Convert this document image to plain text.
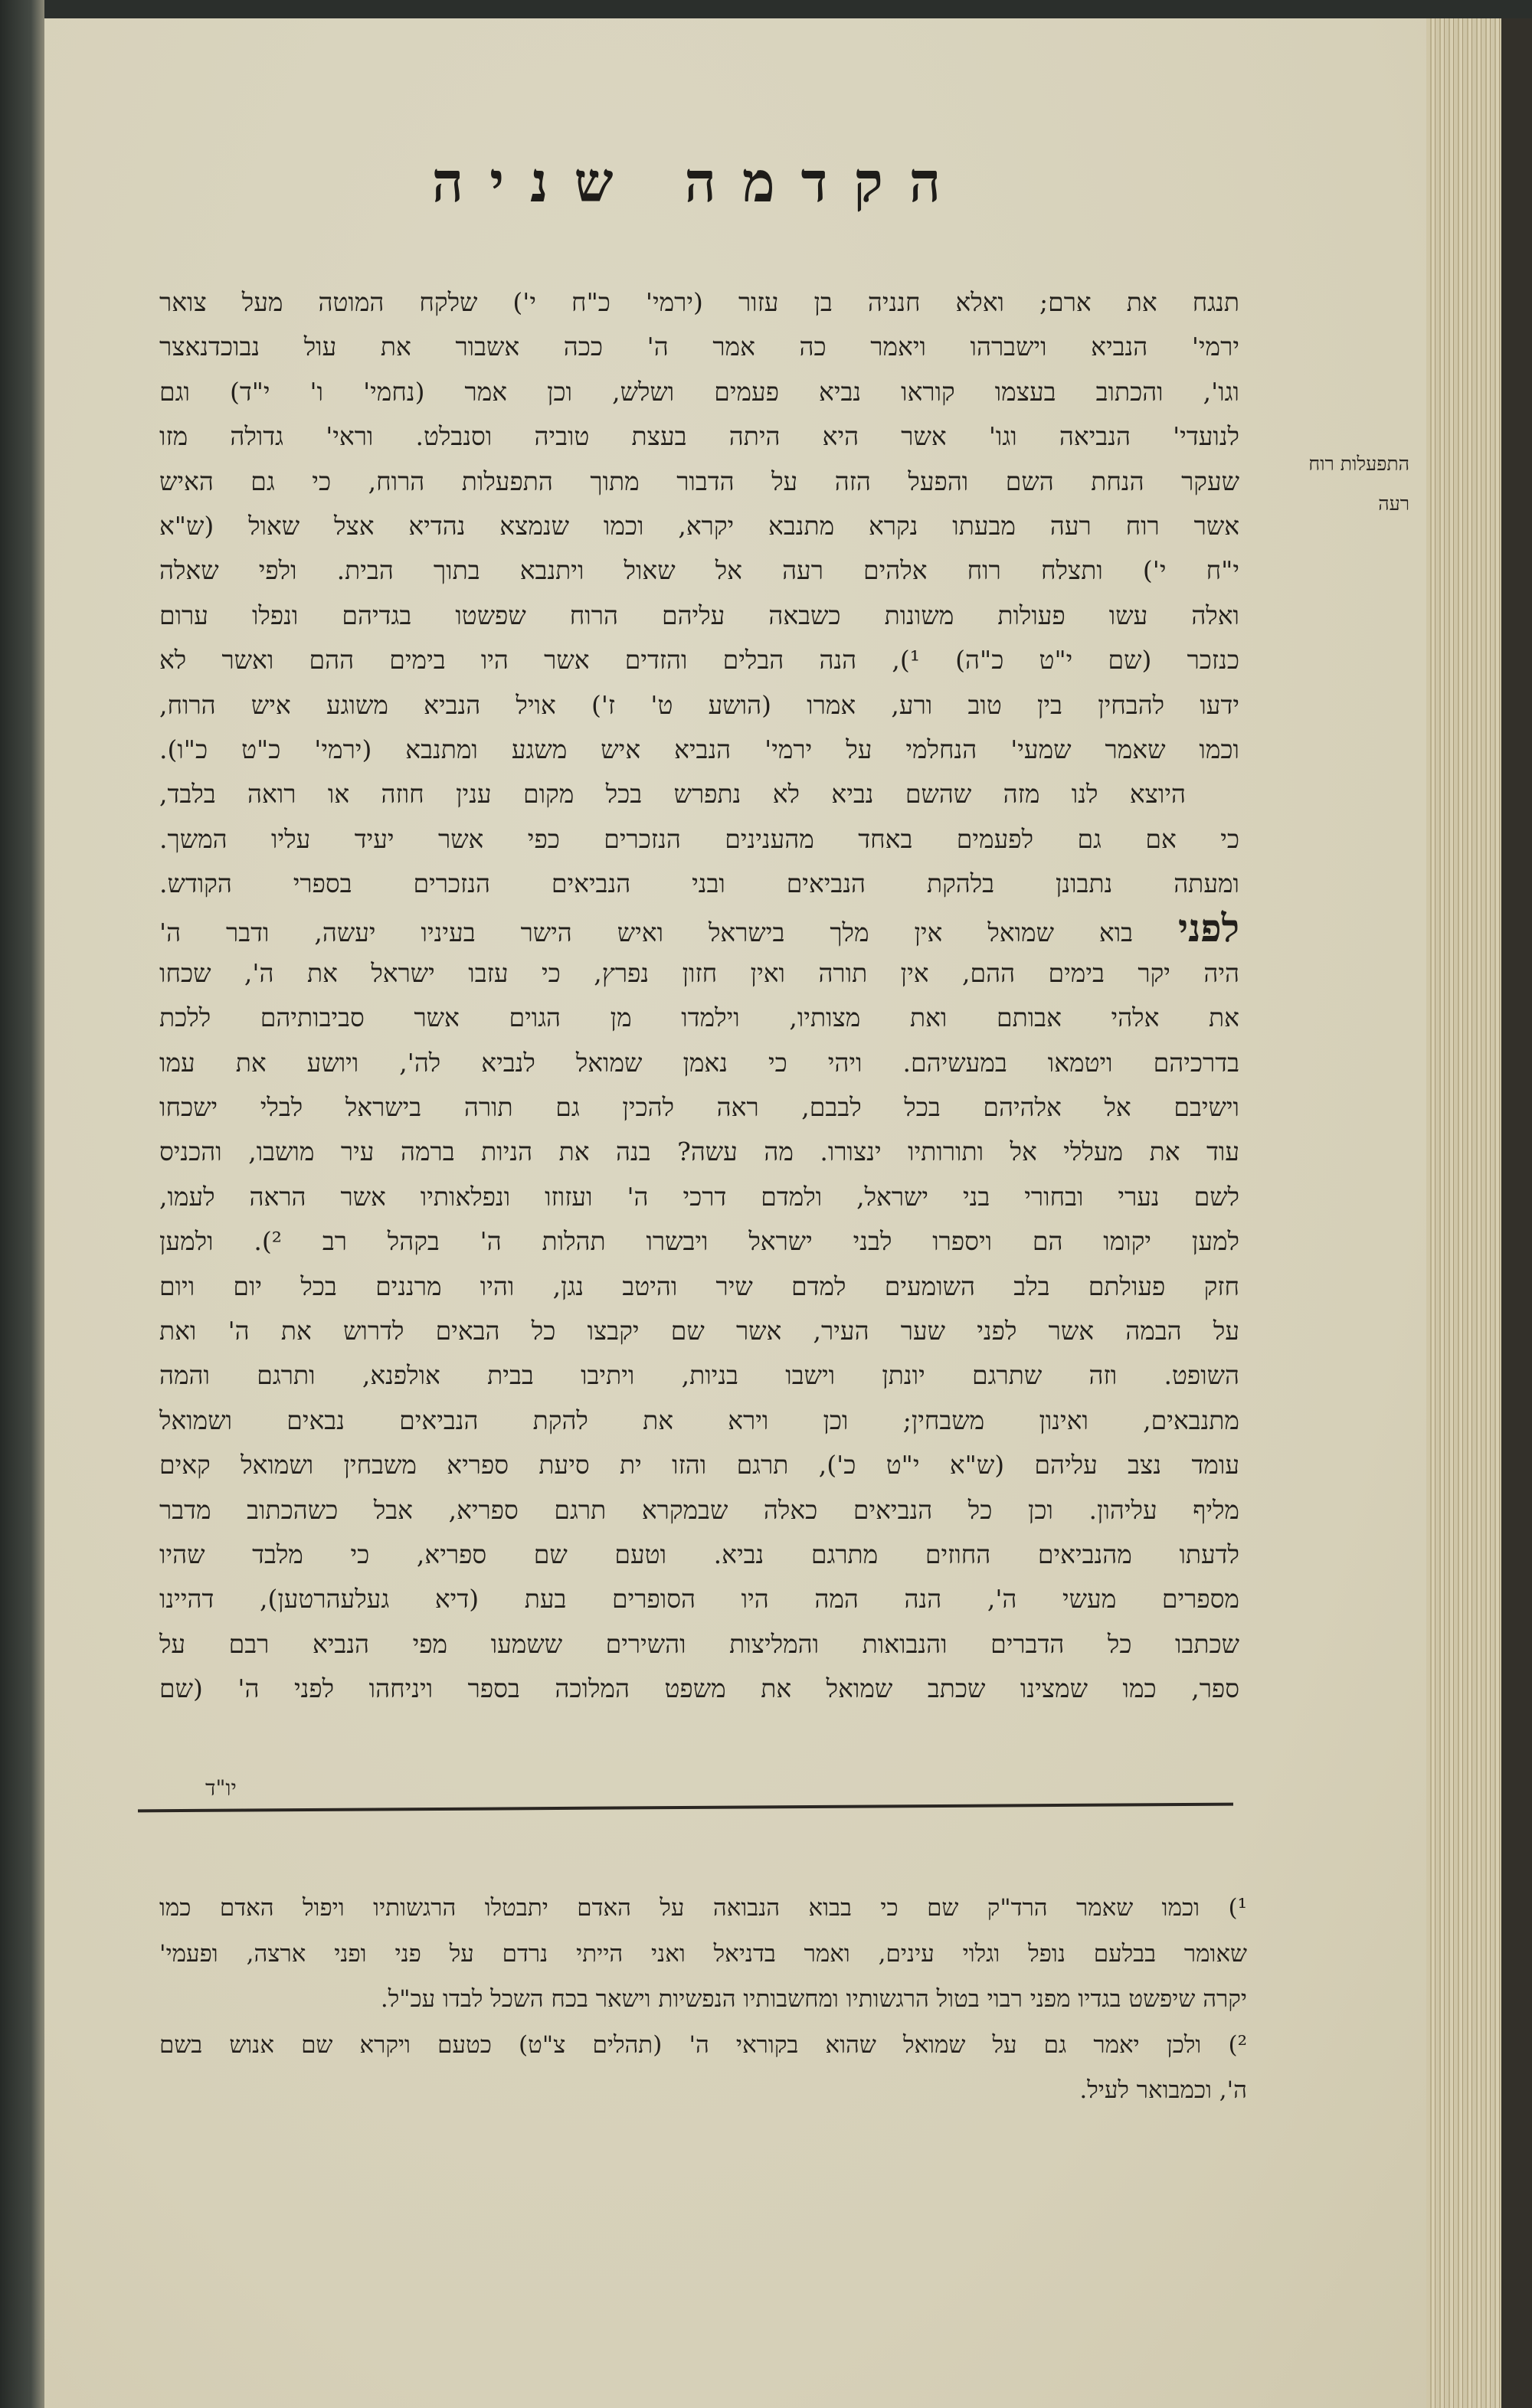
הקדמה שניה
התפעלות רוח
רעה
תנגח את ארם; ואלא חנניה בן עזור (ירמי' כ"ח י') שלקח המוטה מעל צואר
ירמי' הנביא וישברהו ויאמר כה אמר ה' ככה אשבור את עול נבוכדנאצר
וגו', והכתוב בעצמו קוראו נביא פעמים ושלש, וכן אמר (נחמי' ו' י"ד) וגם
לנועדי' הנביאה וגו' אשר היא היתה בעצת טוביה וסנבלט. וראי' גדולה מזו
שעקר הנחת השם והפעל הזה על הדבור מתוך התפעלות הרוח, כי גם האיש
אשר רוח רעה מבעתו נקרא מתנבא יקרא, וכמו שנמצא נהדיא אצל שאול (ש"א
י"ח י') ותצלח רוח אלהים רעה אל שאול ויתנבא בתוך הבית. ולפי שאלה
ואלה עשו פעולות משונות כשבאה עליהם הרוח שפשטו בגדיהם ונפלו ערום
כנזכר (שם י"ט כ"ה) ¹), הנה הבלים והזדים אשר היו בימים ההם ואשר לא
ידעו להבחין בין טוב ורע, אמרו (הושע ט' ז') אויל הנביא משוגע איש הרוח,
וכמו שאמר שמעי' הנחלמי על ירמי' הנביא איש משגע ומתנבא (ירמי' כ"ט כ"ו).
היוצא לנו מזה שהשם נביא לא נתפרש בכל מקום ענין חוזה או רואה בלבד,
כי אם גם לפעמים באחד מהענינים הנזכרים כפי אשר יעיד עליו המשך.
ומעתה נתבונן בלהקת הנביאים ובני הנביאים הנזכרים בספרי הקודש.
לפני בוא שמואל אין מלך בישראל ואיש הישר בעיניו יעשה, ודבר ה'
היה יקר בימים ההם, אין תורה ואין חזון נפרץ, כי עזבו ישראל את ה', שכחו
את אלהי אבותם ואת מצותיו, וילמדו מן הגוים אשר סביבותיהם ללכת
בדרכיהם ויטמאו במעשיהם. ויהי כי נאמן שמואל לנביא לה', ויושע את עמו
וישיבם אל אלהיהם בכל לבבם, ראה להכין גם תורה בישראל לבלי ישכחו
עוד את מעללי אל ותורותיו ינצורו. מה עשה? בנה את הניות ברמה עיר מושבו, והכניס
לשם נערי ובחורי בני ישראל, ולמדם דרכי ה' ועזוזו ונפלאותיו אשר הראה לעמו,
למען יקומו הם ויספרו לבני ישראל ויבשרו תהלות ה' בקהל רב ²). ולמען
חזק פעולתם בלב השומעים למדם שיר והיטב נגן, והיו מרננים בכל יום ויום
על הבמה אשר לפני שער העיר, אשר שם יקבצו כל הבאים לדרוש את ה' ואת
השופט. וזה שתרגם יונתן וישבו בניות, ויתיבו בבית אולפנא, ותרגם והמה
מתנבאים, ואינון משבחין; וכן וירא את להקת הנביאים נבאים ושמואל
עומד נצב עליהם (ש"א י"ט כ'), תרגם והזו ית סיעת ספריא משבחין ושמואל קאים
מליף עליהון. וכן כל הנביאים כאלה שבמקרא תרגם ספריא, אבל כשהכתוב מדבר
לדעתו מהנביאים החוזים מתרגם נביא. וטעם שם ספריא, כי מלבד שהיו
מספרים מעשי ה', הנה המה היו הסופרים בעת (דיא געלעהרטען), דהיינו
שכתבו כל הדברים והנבואות והמליצות והשירים ששמעו מפי הנביא רבם על
ספר, כמו שמצינו שכתב שמואל את משפט המלוכה בספר ויניחהו לפני ה' (שם
יו"ד
¹) וכמו שאמר הרד"ק שם כי בבוא הנבואה על האדם יתבטלו הרגשותיו ויפול האדם כמו
שאומר בבלעם נופל וגלוי עינים, ואמר בדניאל ואני הייתי נרדם על פני ופני ארצה, ופעמי'
יקרה שיפשט בגדיו מפני רבוי בטול הרגשותיו ומחשבותיו הנפשיות וישאר בכח השכל לבדו עכ"ל.
²) ולכן יאמר גם על שמואל שהוא בקוראי ה' (תהלים צ"ט) כטעם ויקרא שם אנוש בשם
ה', וכמבואר לעיל.
